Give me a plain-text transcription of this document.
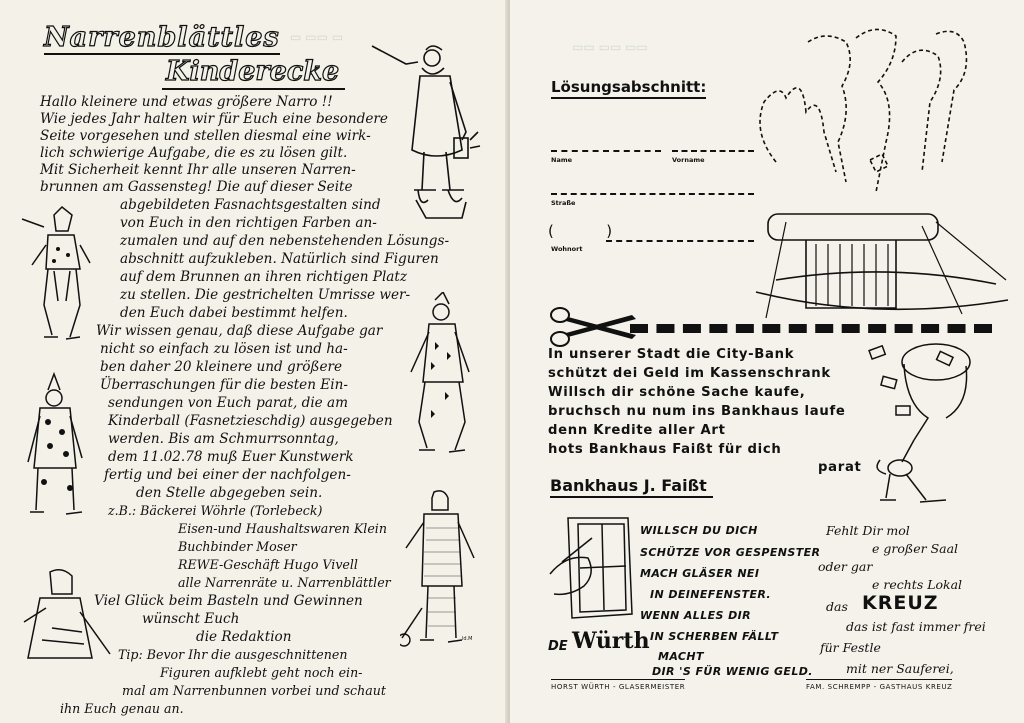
▭ ▭▭ ▭
Narrenblättles
Kinderecke
Hallo kleinere und etwas größere Narro !!
Wie jedes Jahr halten wir für Euch eine besondere
Seite vorgesehen und stellen diesmal eine wirk-
lich schwierige Aufgabe, die es zu lösen gilt.
Mit Sicherheit kennt Ihr alle unseren Narren-
brunnen am Gassensteg! Die auf dieser Seite
abgebildeten Fasnachtsgestalten sind
von Euch in den richtigen Farben an-
zumalen und auf den nebenstehenden Lösungs-
abschnitt aufzukleben. Natürlich sind Figuren
auf dem Brunnen an ihren richtigen Platz
zu stellen. Die gestrichelten Umrisse wer-
den Euch dabei bestimmt helfen.
Wir wissen genau, daß diese Aufgabe gar
nicht so einfach zu lösen ist und ha-
ben daher 20 kleinere und größere
Überraschungen für die besten Ein-
sendungen von Euch parat, die am
Kinderball (Fasnetzieschdig) ausgegeben
werden. Bis am Schmurrsonntag,
dem 11.02.78 muß Euer Kunstwerk
fertig und bei einer der nachfolgen-
den Stelle abgegeben sein.
z.B.: Bäckerei Wöhrle (Torlebeck)
Eisen-und Haushaltswaren Klein
Buchbinder Moser
REWE-Geschäft Hugo Vivell
alle Narrenräte u. Narrenblättler
Viel Glück beim Basteln und Gewinnen
wünscht Euch
die Redaktion
Tip: Bevor Ihr die ausgeschnittenen
Figuren aufklebt geht noch ein-
mal am Narrenbunnen vorbei und schaut
ihn Euch genau an.
ld.M
▭▭ ▭▭ ▭▭
Lösungsabschnitt:
Name	Vorname
Straße
(           )
Wohnort
In unserer Stadt die City-Bank
schützt dei Geld im Kassenschrank
Willsch dir schöne Sache kaufe,
bruchsch nu num ins Bankhaus laufe
denn Kredite aller Art
hots Bankhaus Faißt für dich
parat
Bankhaus J. Faißt
WILLSCH DU DICH
SCHÜTZE VOR GESPENSTER
MACH GLÄSER NEI
IN DEINEFENSTER.
WENN ALLES DIR
IN SCHERBEN FÄLLT
MACHT
DIR 'S FÜR WENIG GELD.
DE Würth
Fehlt Dir mol
e großer Saal
oder gar
e rechts Lokal
das KREUZ
das ist fast immer frei
für Festle
mit ner Sauferei,
HORST WÜRTH - GLASERMEISTER	FAM. SCHREMPP - GASTHAUS KREUZ
